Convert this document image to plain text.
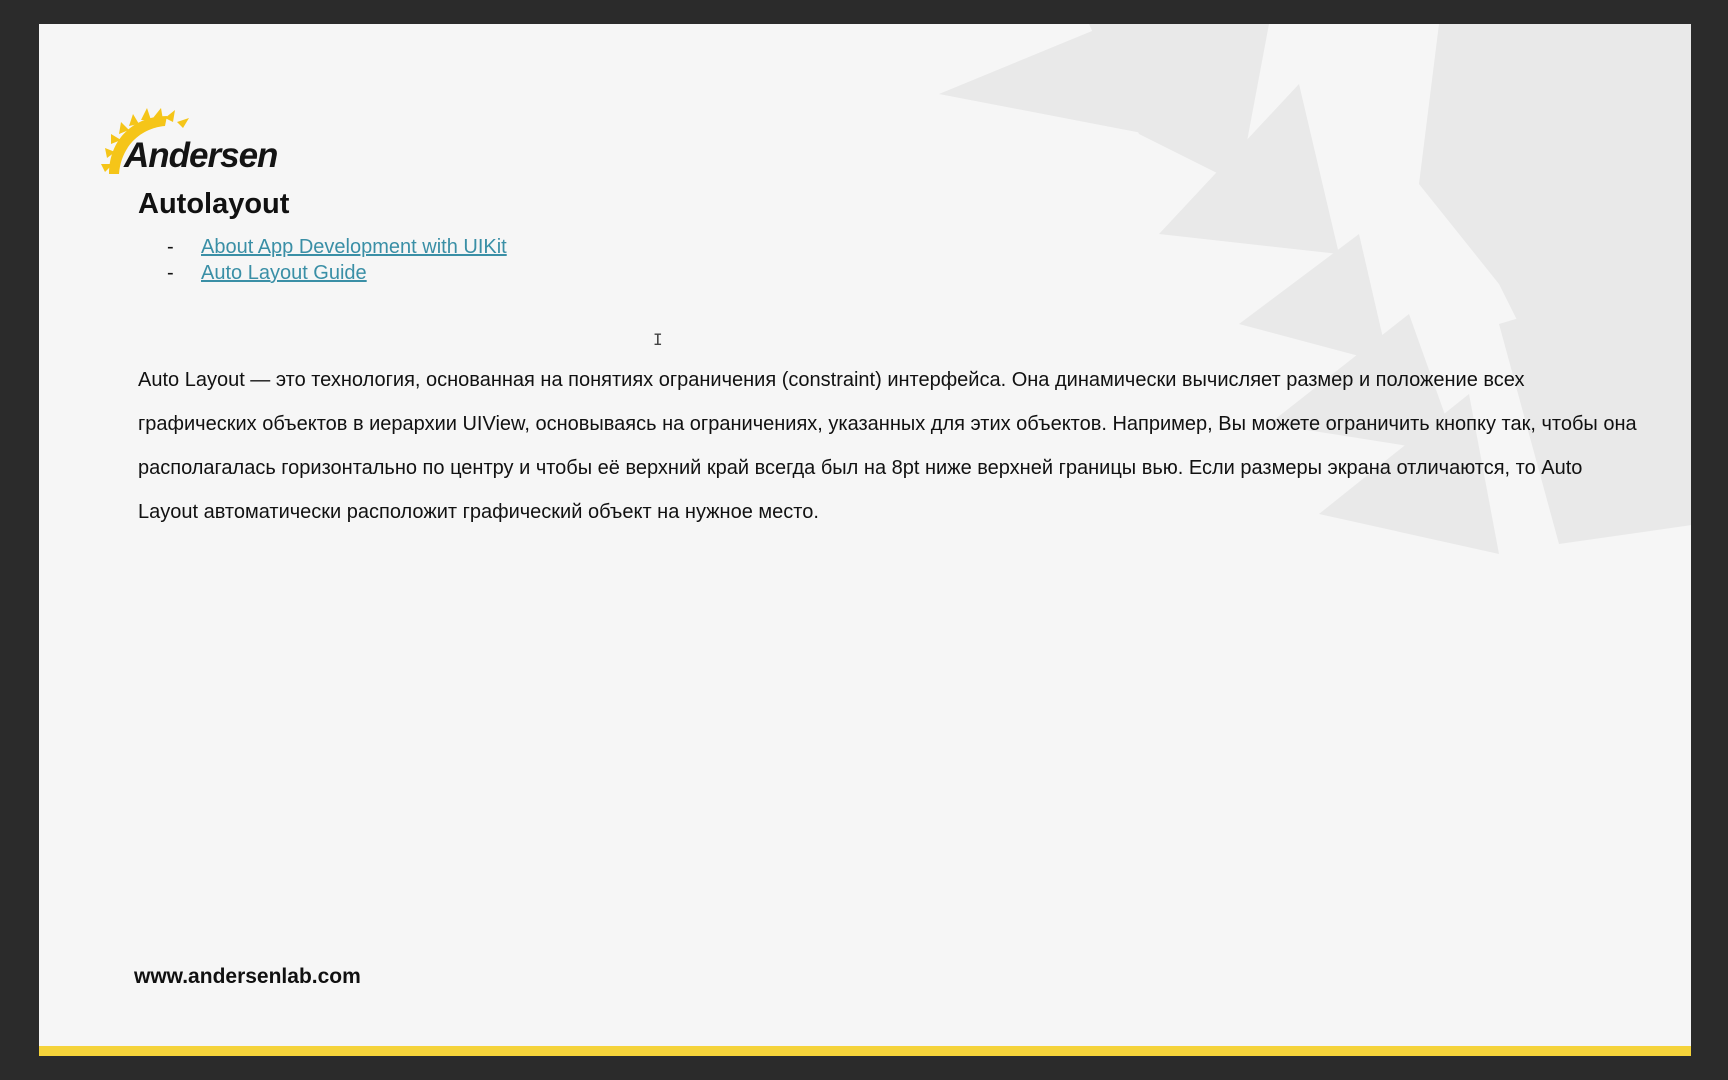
Andersen
Autolayout
-	About App Development with UIKit
-	Auto Layout Guide
I

Auto Layout — это технология, основанная на понятиях ограничения (constraint) интерфейса. Она динамически вычисляет размер и положение всех графических объектов в иерархии UIView, основываясь на ограничениях, указанных для этих объектов. Например, Вы можете ограничить кнопку так, чтобы она располагалась горизонтально по центру и чтобы её верхний край всегда был на 8pt ниже верхней границы вью. Если размеры экрана отличаются, то Auto Layout автоматически расположит графический объект на нужное место.

www.andersenlab.com
